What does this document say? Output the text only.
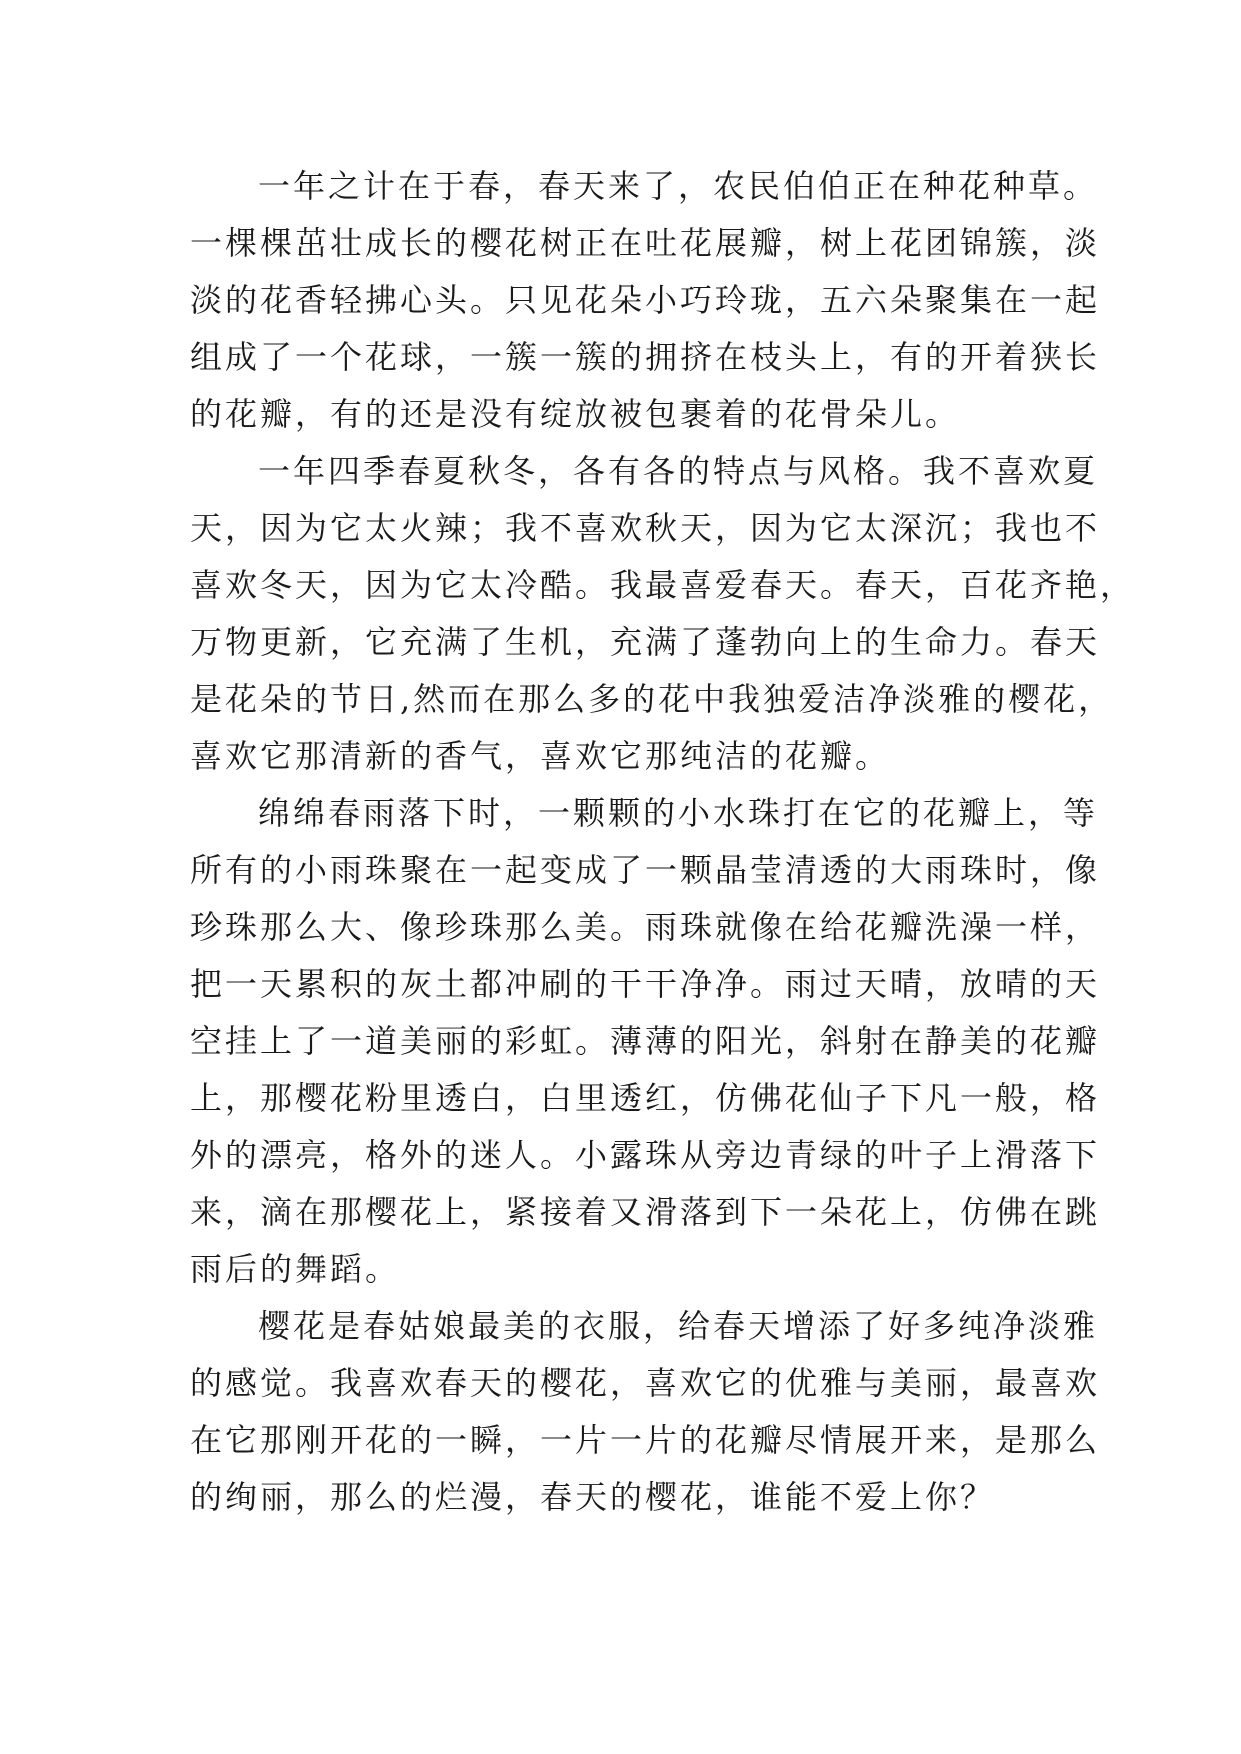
一年之计在于春，春天来了，农民伯伯正在种花种草。
一棵棵茁壮成长的樱花树正在吐花展瓣，树上花团锦簇，淡
淡的花香轻拂心头。只见花朵小巧玲珑，五六朵聚集在一起
组成了一个花球，一簇一簇的拥挤在枝头上，有的开着狭长
的花瓣，有的还是没有绽放被包裹着的花骨朵儿。
一年四季春夏秋冬，各有各的特点与风格。我不喜欢夏
天，因为它太火辣；我不喜欢秋天，因为它太深沉；我也不
喜欢冬天，因为它太冷酷。我最喜爱春天。春天，百花齐艳，
万物更新，它充满了生机，充满了蓬勃向上的生命力。春天
是花朵的节日,然而在那么多的花中我独爱洁净淡雅的樱花，
喜欢它那清新的香气，喜欢它那纯洁的花瓣。
绵绵春雨落下时，一颗颗的小水珠打在它的花瓣上，等
所有的小雨珠聚在一起变成了一颗晶莹清透的大雨珠时，像
珍珠那么大、像珍珠那么美。雨珠就像在给花瓣洗澡一样，
把一天累积的灰土都冲刷的干干净净。雨过天晴，放晴的天
空挂上了一道美丽的彩虹。薄薄的阳光，斜射在静美的花瓣
上，那樱花粉里透白，白里透红，仿佛花仙子下凡一般，格
外的漂亮，格外的迷人。小露珠从旁边青绿的叶子上滑落下
来，滴在那樱花上，紧接着又滑落到下一朵花上，仿佛在跳
雨后的舞蹈。
樱花是春姑娘最美的衣服，给春天增添了好多纯净淡雅
的感觉。我喜欢春天的樱花，喜欢它的优雅与美丽，最喜欢
在它那刚开花的一瞬，一片一片的花瓣尽情展开来，是那么
的绚丽，那么的烂漫，春天的樱花，谁能不爱上你？
